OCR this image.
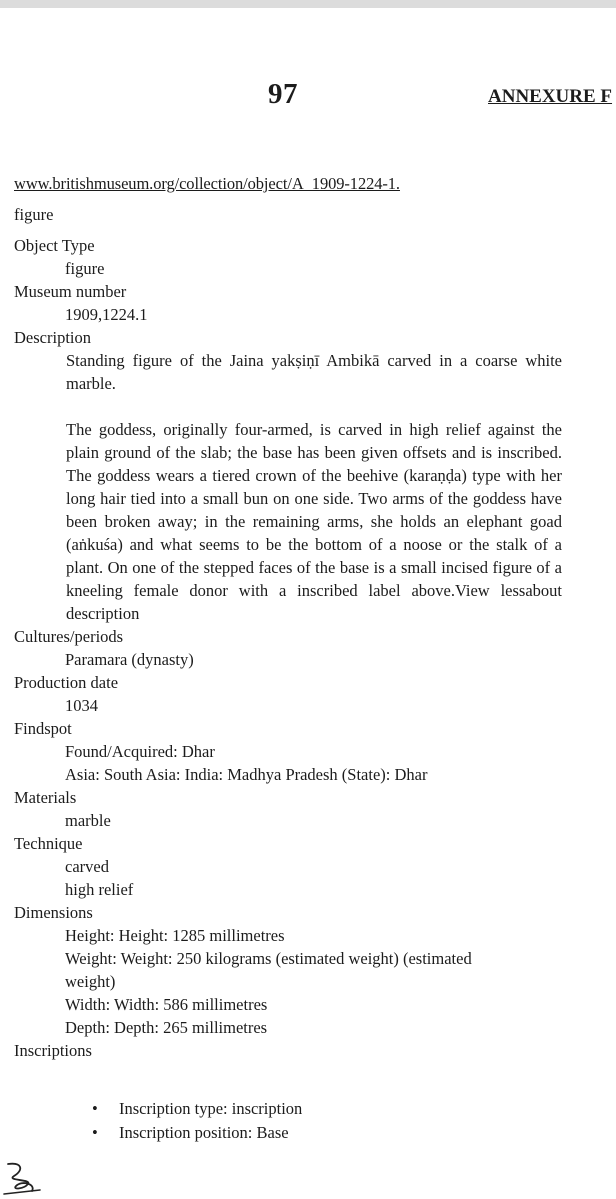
97	ANNEXURE F
www.britishmuseum.org/collection/object/A_1909-1224-1.
figure
Object Type
figure
Museum number
1909,1224.1
Description
Standing figure of the Jaina yakṣiṇī Ambikā carved in a coarse white marble.
The goddess, originally four-armed, is carved in high relief against the plain ground of the slab; the base has been given offsets and is inscribed. The goddess wears a tiered crown of the beehive (karaṇḍa) type with her long hair tied into a small bun on one side. Two arms of the goddess have been broken away; in the remaining arms, she holds an elephant goad (aṅkuśa) and what seems to be the bottom of a noose or the stalk of a plant. On one of the stepped faces of the base is a small incised figure of a kneeling female donor with a inscribed label above.View lessabout description
Cultures/periods
Paramara (dynasty)
Production date
1034
Findspot
Found/Acquired: Dhar
Asia: South Asia: India: Madhya Pradesh (State): Dhar
Materials
marble
Technique
carved
high relief
Dimensions
Height: Height: 1285 millimetres
Weight: Weight: 250 kilograms (estimated weight) (estimated
weight)
Width: Width: 586 millimetres
Depth: Depth: 265 millimetres
Inscriptions
• Inscription type: inscription
• Inscription position: Base
